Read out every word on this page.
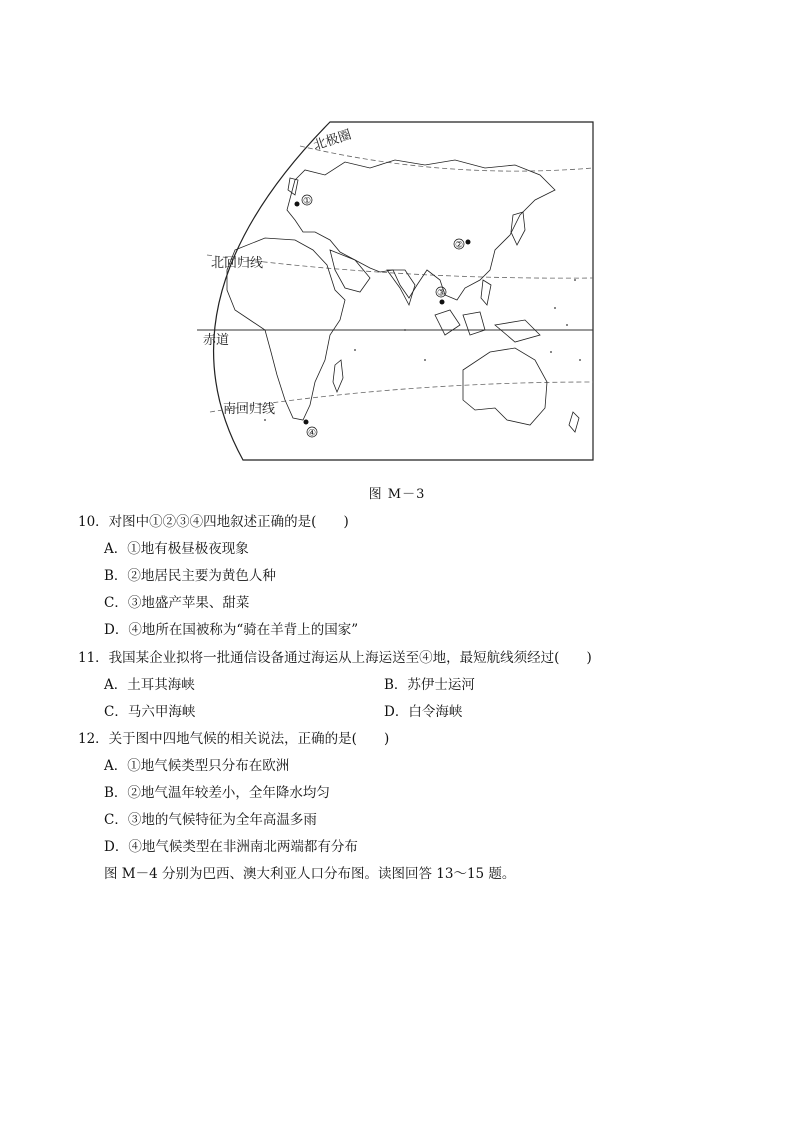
①
②
③
④
北极圈
北回归线
赤道
南回归线
图 M－3
10．对图中①②③④四地叙述正确的是(　　)
A．①地有极昼极夜现象
B．②地居民主要为黄色人种
C．③地盛产苹果、甜菜
D．④地所在国被称为“骑在羊背上的国家”
11．我国某企业拟将一批通信设备通过海运从上海运送至④地，最短航线须经过(　　)
A．土耳其海峡	B．苏伊士运河
C．马六甲海峡	D．白令海峡
12．关于图中四地气候的相关说法，正确的是(　　)
A．①地气候类型只分布在欧洲
B．②地气温年较差小，全年降水均匀
C．③地的气候特征为全年高温多雨
D．④地气候类型在非洲南北两端都有分布
图 M－4 分别为巴西、澳大利亚人口分布图。读图回答 13～15 题。
